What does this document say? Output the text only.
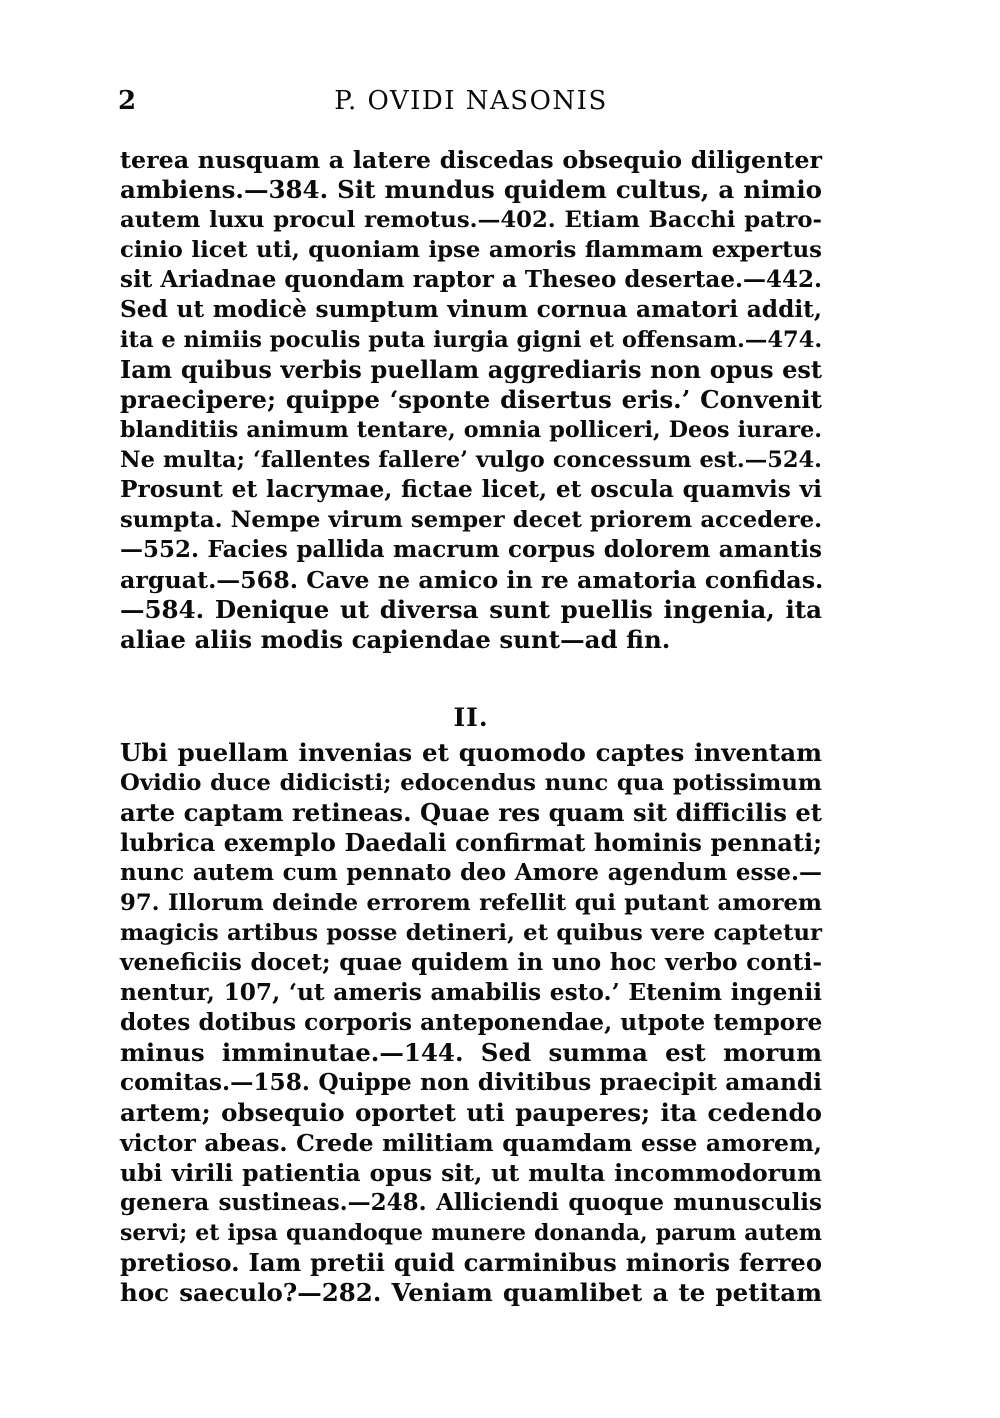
2	P. OVIDI NASONIS
terea nusquam a latere discedas obsequio diligenter
ambiens.—384. Sit mundus quidem cultus, a nimio
autem luxu procul remotus.—402. Etiam Bacchi patro-
cinio licet uti, quoniam ipse amoris flammam expertus
sit Ariadnae quondam raptor a Theseo desertae.—442.
Sed ut modicè sumptum vinum cornua amatori addit,
ita e nimiis poculis puta iurgia gigni et offensam.—474.
Iam quibus verbis puellam aggrediaris non opus est
praecipere; quippe ‘sponte disertus eris.’ Convenit
blanditiis animum tentare, omnia polliceri, Deos iurare.
Ne multa; ‘fallentes fallere’ vulgo concessum est.—524.
Prosunt et lacrymae, fictae licet, et oscula quamvis vi
sumpta. Nempe virum semper decet priorem accedere.
—552. Facies pallida macrum corpus dolorem amantis
arguat.—568. Cave ne amico in re amatoria confidas.
—584. Denique ut diversa sunt puellis ingenia, ita
aliae aliis modis capiendae sunt—ad fin.
II.
Ubi puellam invenias et quomodo captes inventam
Ovidio duce didicisti; edocendus nunc qua potissimum
arte captam retineas. Quae res quam sit difficilis et
lubrica exemplo Daedali confirmat hominis pennati;
nunc autem cum pennato deo Amore agendum esse.—
97. Illorum deinde errorem refellit qui putant amorem
magicis artibus posse detineri, et quibus vere captetur
veneficiis docet; quae quidem in uno hoc verbo conti-
nentur, 107, ‘ut ameris amabilis esto.’ Etenim ingenii
dotes dotibus corporis anteponendae, utpote tempore
minus imminutae.—144. Sed summa est morum
comitas.—158. Quippe non divitibus praecipit amandi
artem; obsequio oportet uti pauperes; ita cedendo
victor abeas. Crede militiam quamdam esse amorem,
ubi virili patientia opus sit, ut multa incommodorum
genera sustineas.—248. Alliciendi quoque munusculis
servi; et ipsa quandoque munere donanda, parum autem
pretioso. Iam pretii quid carminibus minoris ferreo
hoc saeculo?—282. Veniam quamlibet a te petitam
